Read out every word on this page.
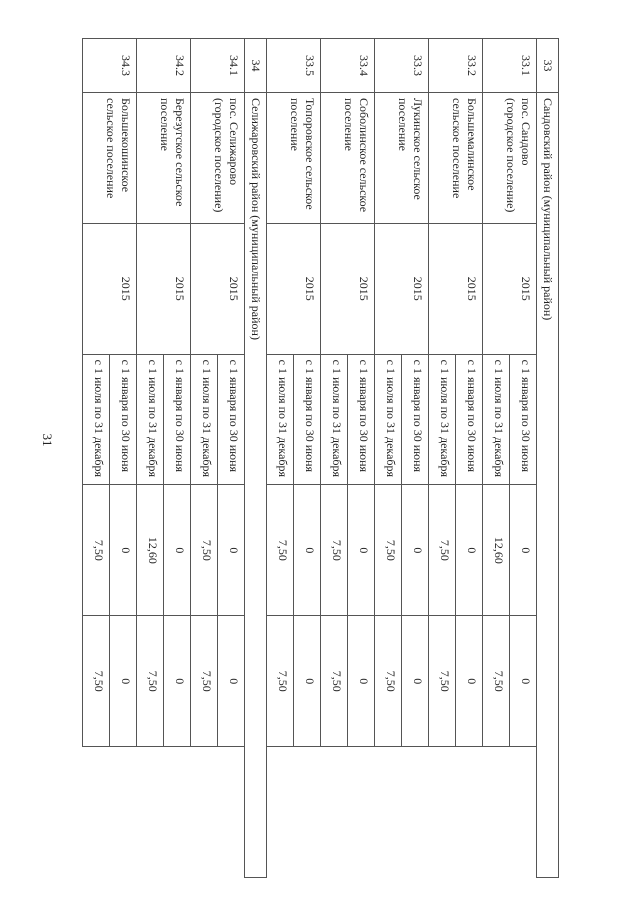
31
33	Сандовский район (муниципальный район)				
33.1	пос. Сандово (городское поселение)	2015	с 1 января по 30 июня	0	0
			с 1 июля по 31 декабря	12,60	7,50
33.2	Большемалинское сельское поселение	2015	с 1 января по 30 июня	0	0
			с 1 июля по 31 декабря	7,50	7,50
33.3	Лукинское сельское поселение	2015	с 1 января по 30 июня	0	0
			с 1 июля по 31 декабря	7,50	7,50
33.4	Соболинское сельское поселение	2015	с 1 января по 30 июня	0	0
			с 1 июля по 31 декабря	7,50	7,50
33.5	Топоровское сельское поселение	2015	с 1 января по 30 июня	0	0
			с 1 июля по 31 декабря	7,50	7,50
34	Селижаровский район (муниципальный район)				
34.1	пос. Селижарово (городское поселение)	2015	с 1 января по 30 июня	0	0
			с 1 июля по 31 декабря	7,50	7,50
34.2	Березугское сельское поселение	2015	с 1 января по 30 июня	0	0
			с 1 июля по 31 декабря	12,60	7,50
34.3	Большекошинское сельское поселение	2015	с 1 января по 30 июня	0	0
			с 1 июля по 31 декабря	7,50	7,50
